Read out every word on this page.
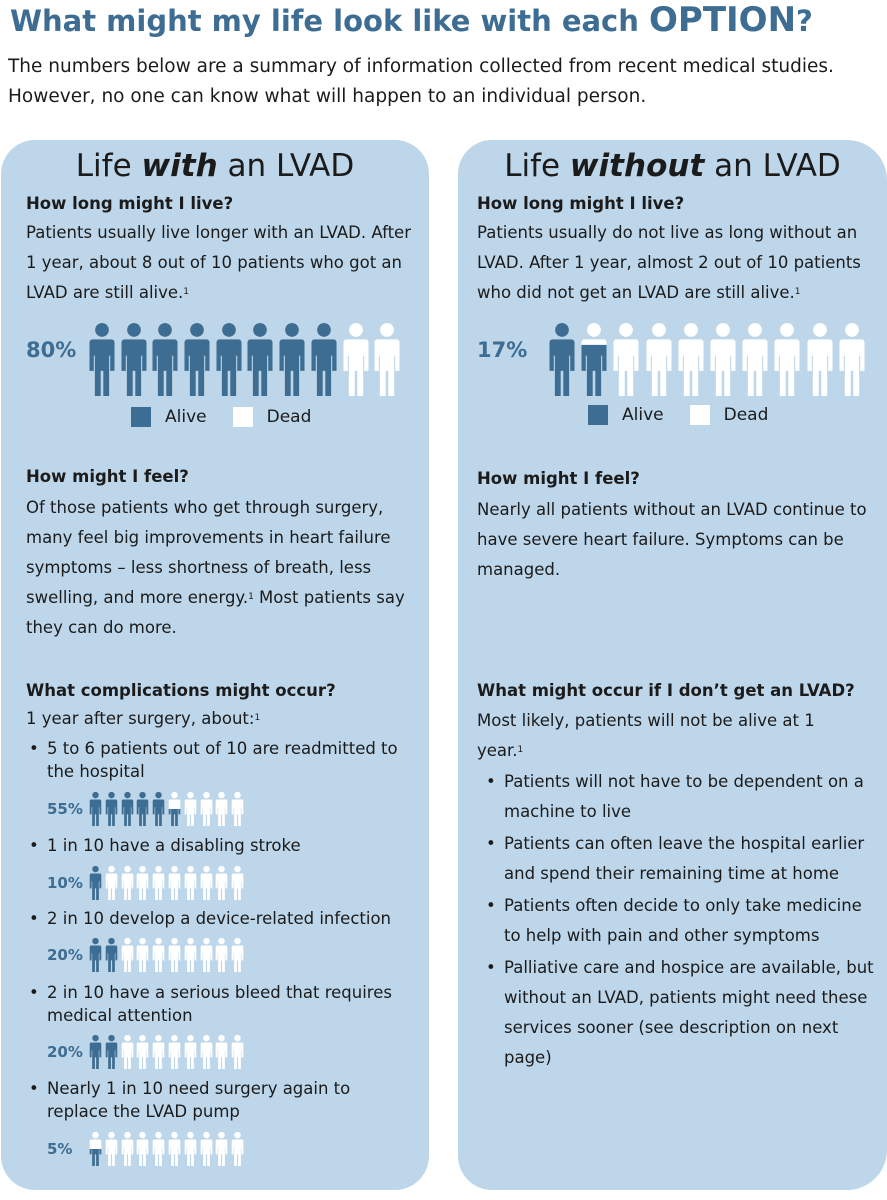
What might my life look like with each OPTION?

The numbers below are a summary of information collected from recent medical studies. However, no one can know what will happen to an individual person.

Life with an LVAD
How long might I live?

Patients usually live longer with an LVAD. After 1 year, about 8 out of 10 patients who got an LVAD are still alive.$^1$

80%
Alive	Dead
How might I feel?

Of those patients who get through surgery, many feel big improvements in heart failure symptoms – less shortness of breath, less swelling, and more energy.$^1$ Most patients say they can do more.

What complications might occur?

1 year after surgery, about:$^1$

• 5 to 6 patients out of 10 are readmitted to the hospital
55%
• 1 in 10 have a disabling stroke
10%
• 2 in 10 develop a device-related infection
20%
• 2 in 10 have a serious bleed that requires medical attention
20%
• Nearly 1 in 10 need surgery again to replace the LVAD pump
5%
Life without an LVAD
How long might I live?

Patients usually do not live as long without an LVAD. After 1 year, almost 2 out of 10 patients who did not get an LVAD are still alive.$^1$

17%
Alive	Dead
How might I feel?

Nearly all patients without an LVAD continue to have severe heart failure. Symptoms can be managed.

What might occur if I don’t get an LVAD?

Most likely, patients will not be alive at 1 year.$^1$

• Patients will not have to be dependent on a machine to live
• Patients can often leave the hospital earlier and spend their remaining time at home
• Patients often decide to only take medicine to help with pain and other symptoms
• Palliative care and hospice are available, but without an LVAD, patients might need these services sooner (see description on next page)
